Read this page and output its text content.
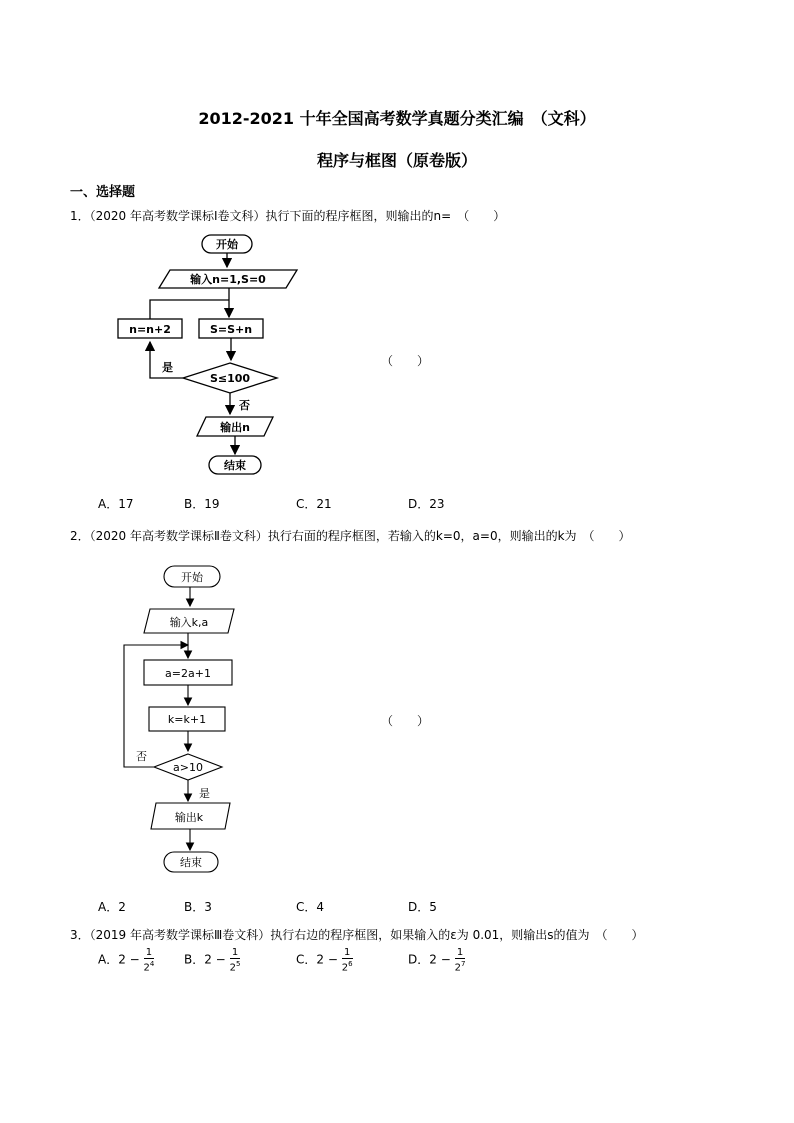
2012-2021 十年全国高考数学真题分类汇编　（文科）
程序与框图（原卷版）
一、选择题
1．（2020 年高考数学课标Ⅰ卷文科）执行下面的程序框图，则输出的n=　（　　）
开始
输入n=1,S=0
S=S+n
n=n+2
S≤100
是
否
输出n
结束
开始
输入k,a
a=2a+1
k=k+1
a>10
否
是
输出k
结束
（　　）
A．17	B．19	C．21	D．23
2．（2020 年高考数学课标Ⅱ卷文科）执行右面的程序框图，若输入的k=0，a=0，则输出的k为　（　　）
（　　）
A．2	B．3	C．4	D．5
3．（2019 年高考数学课标Ⅲ卷文科）执行右边的程序框图，如果输入的ε为 0.01，则输出s的值为　（　　）
A．$2 - \frac{1}{2^4}$ B．$2 - \frac{1}{2^5}$	C．$2 - \frac{1}{2^6}$	D．$2 - \frac{1}{2^7}$
